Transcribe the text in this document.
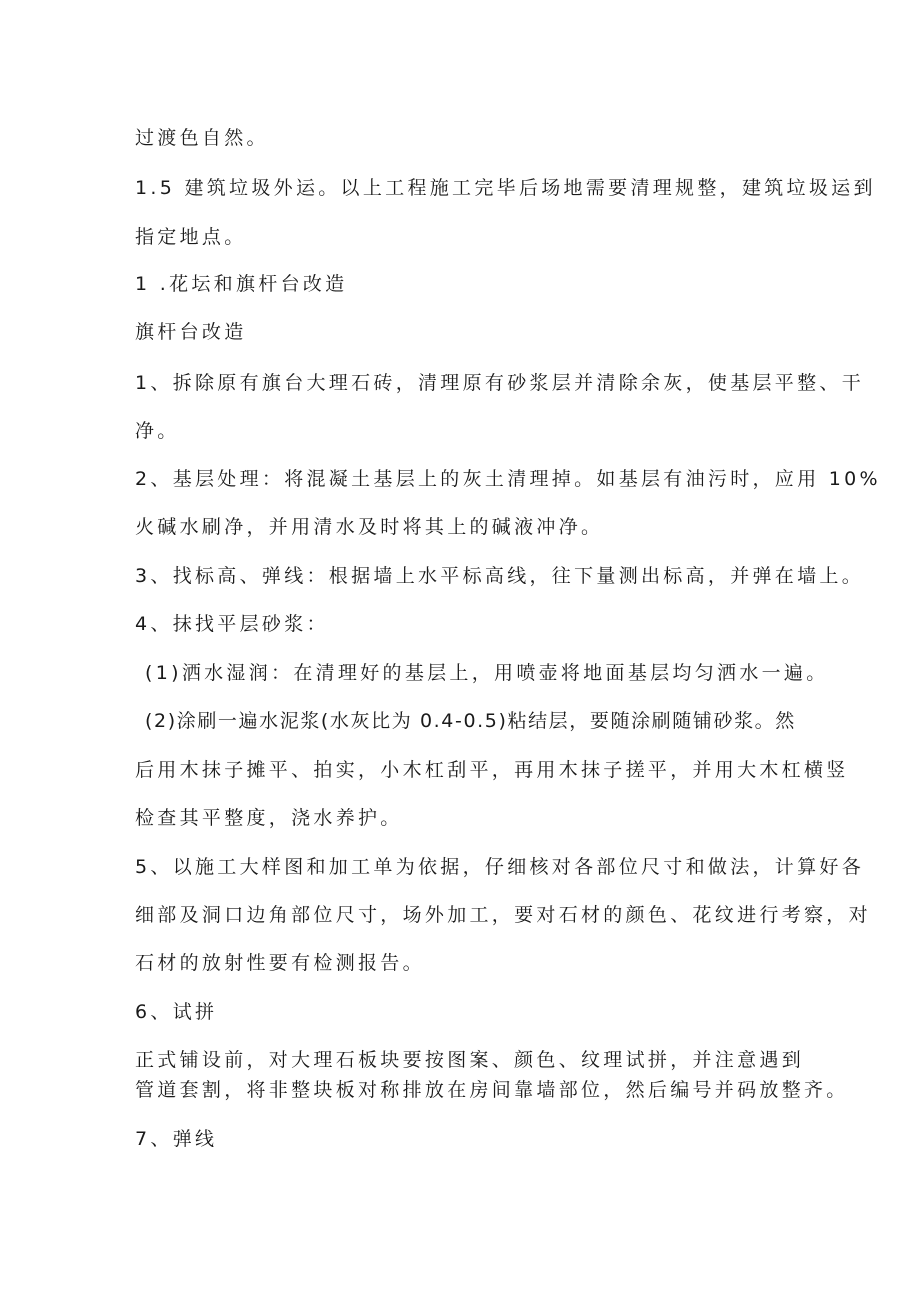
过渡色自然。
1.5 建筑垃圾外运。以上工程施工完毕后场地需要清理规整，建筑垃圾运到
指定地点。
1 .花坛和旗杆台改造
旗杆台改造
1、拆除原有旗台大理石砖，清理原有砂浆层并清除余灰，使基层平整、干
净。
2、基层处理：将混凝土基层上的灰土清理掉。如基层有油污时，应用 10%
火碱水刷净，并用清水及时将其上的碱液冲净。
3、找标高、弹线：根据墙上水平标高线，往下量测出标高，并弹在墙上。
4、抹找平层砂浆：
(1)洒水湿润：在清理好的基层上，用喷壶将地面基层均匀洒水一遍。
(2)涂刷一遍水泥浆(水灰比为 0.4-0.5)粘结层，要随涂刷随铺砂浆。然
后用木抹子摊平、拍实，小木杠刮平，再用木抹子搓平，并用大木杠横竖
检查其平整度，浇水养护。
5、以施工大样图和加工单为依据，仔细核对各部位尺寸和做法，计算好各
细部及洞口边角部位尺寸，场外加工，要对石材的颜色、花纹进行考察，对
石材的放射性要有检测报告。
6、试拼
正式铺设前，对大理石板块要按图案、颜色、纹理试拼，并注意遇到
管道套割，将非整块板对称排放在房间靠墙部位，然后编号并码放整齐。
7、弹线
